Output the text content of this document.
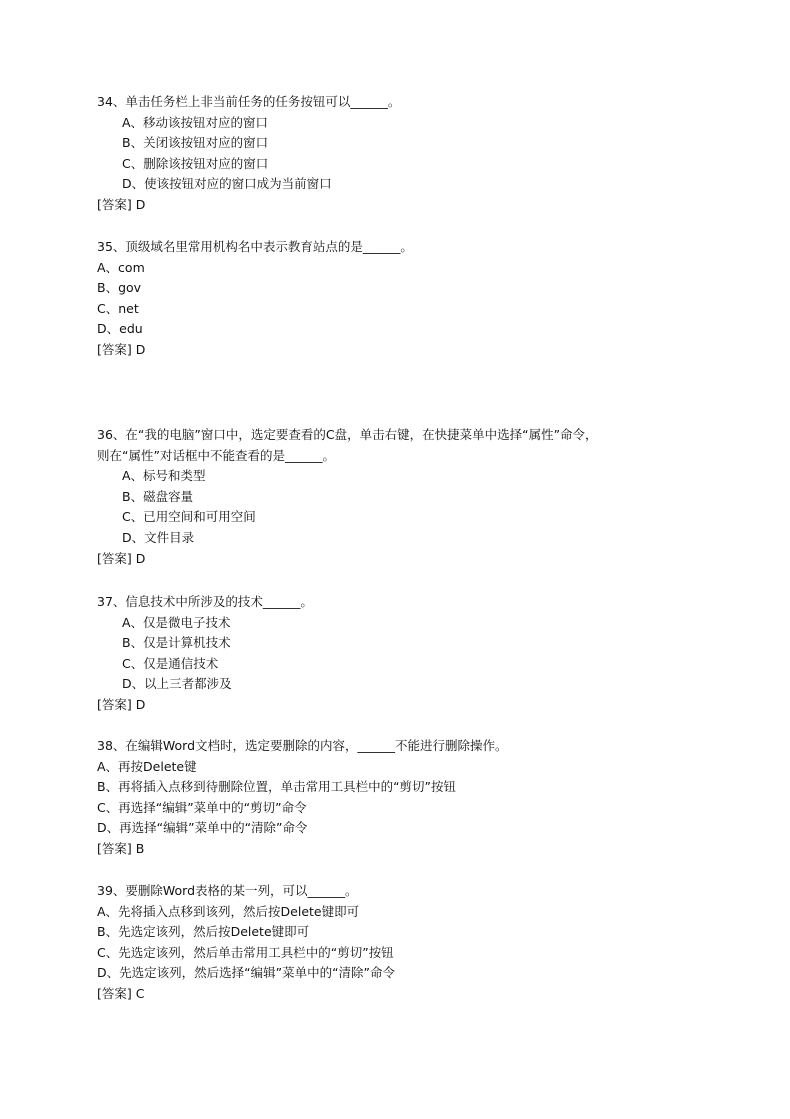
34、单击任务栏上非当前任务的任务按钮可以______。
A、移动该按钮对应的窗口
B、关闭该按钮对应的窗口
C、删除该按钮对应的窗口
D、使该按钮对应的窗口成为当前窗口
[答案] D
35、顶级域名里常用机构名中表示教育站点的是______。
A、com
B、gov
C、net
D、edu
[答案] D
36、在“我的电脑”窗口中，选定要查看的C盘，单击右键，在快捷菜单中选择“属性”命令，
则在“属性”对话框中不能查看的是______。
A、标号和类型
B、磁盘容量
C、已用空间和可用空间
D、文件目录
[答案] D
37、信息技术中所涉及的技术______。
A、仅是微电子技术
B、仅是计算机技术
C、仅是通信技术
D、以上三者都涉及
[答案] D
38、在编辑Word文档时，选定要删除的内容，______不能进行删除操作。
A、再按Delete键
B、再将插入点移到待删除位置，单击常用工具栏中的“剪切”按钮
C、再选择“编辑”菜单中的“剪切”命令
D、再选择“编辑”菜单中的“清除”命令
[答案] B
39、要删除Word表格的某一列，可以______。
A、先将插入点移到该列，然后按Delete键即可
B、先选定该列，然后按Delete键即可
C、先选定该列，然后单击常用工具栏中的“剪切”按钮
D、先选定该列，然后选择“编辑”菜单中的“清除”命令
[答案] C
